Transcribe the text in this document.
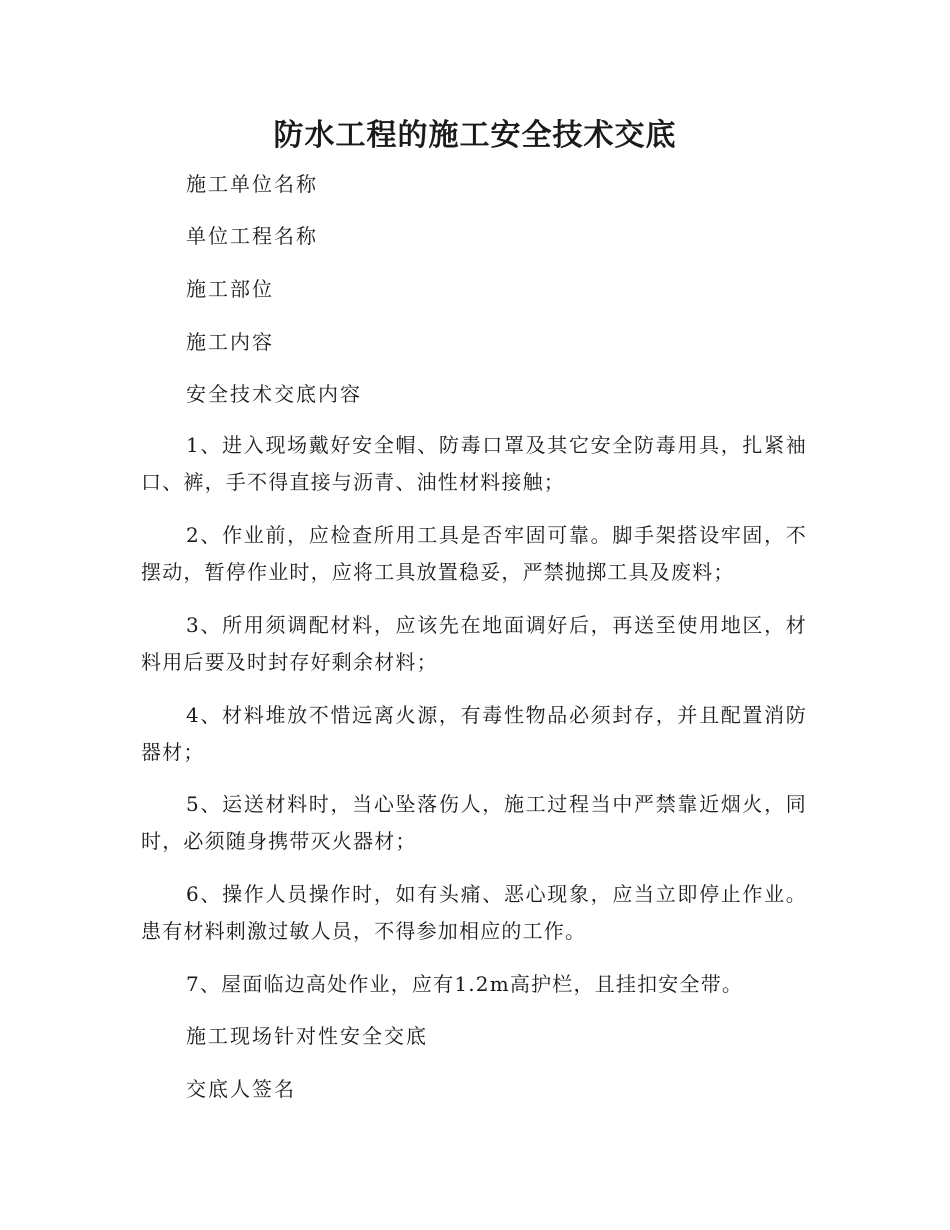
防水工程的施工安全技术交底
施工单位名称
单位工程名称
施工部位
施工内容
安全技术交底内容
1、进入现场戴好安全帽、防毒口罩及其它安全防毒用具，扎紧袖口、裤，手不得直接与沥青、油性材料接触；
2、作业前，应检查所用工具是否牢固可靠。脚手架搭设牢固，不摆动，暂停作业时，应将工具放置稳妥，严禁抛掷工具及废料；
3、所用须调配材料，应该先在地面调好后，再送至使用地区，材料用后要及时封存好剩余材料；
4、材料堆放不惜远离火源，有毒性物品必须封存，并且配置消防器材；
5、运送材料时，当心坠落伤人，施工过程当中严禁靠近烟火，同时，必须随身携带灭火器材；
6、操作人员操作时，如有头痛、恶心现象，应当立即停止作业。患有材料刺激过敏人员，不得参加相应的工作。
7、屋面临边高处作业，应有1.2m高护栏，且挂扣安全带。
施工现场针对性安全交底
交底人签名
